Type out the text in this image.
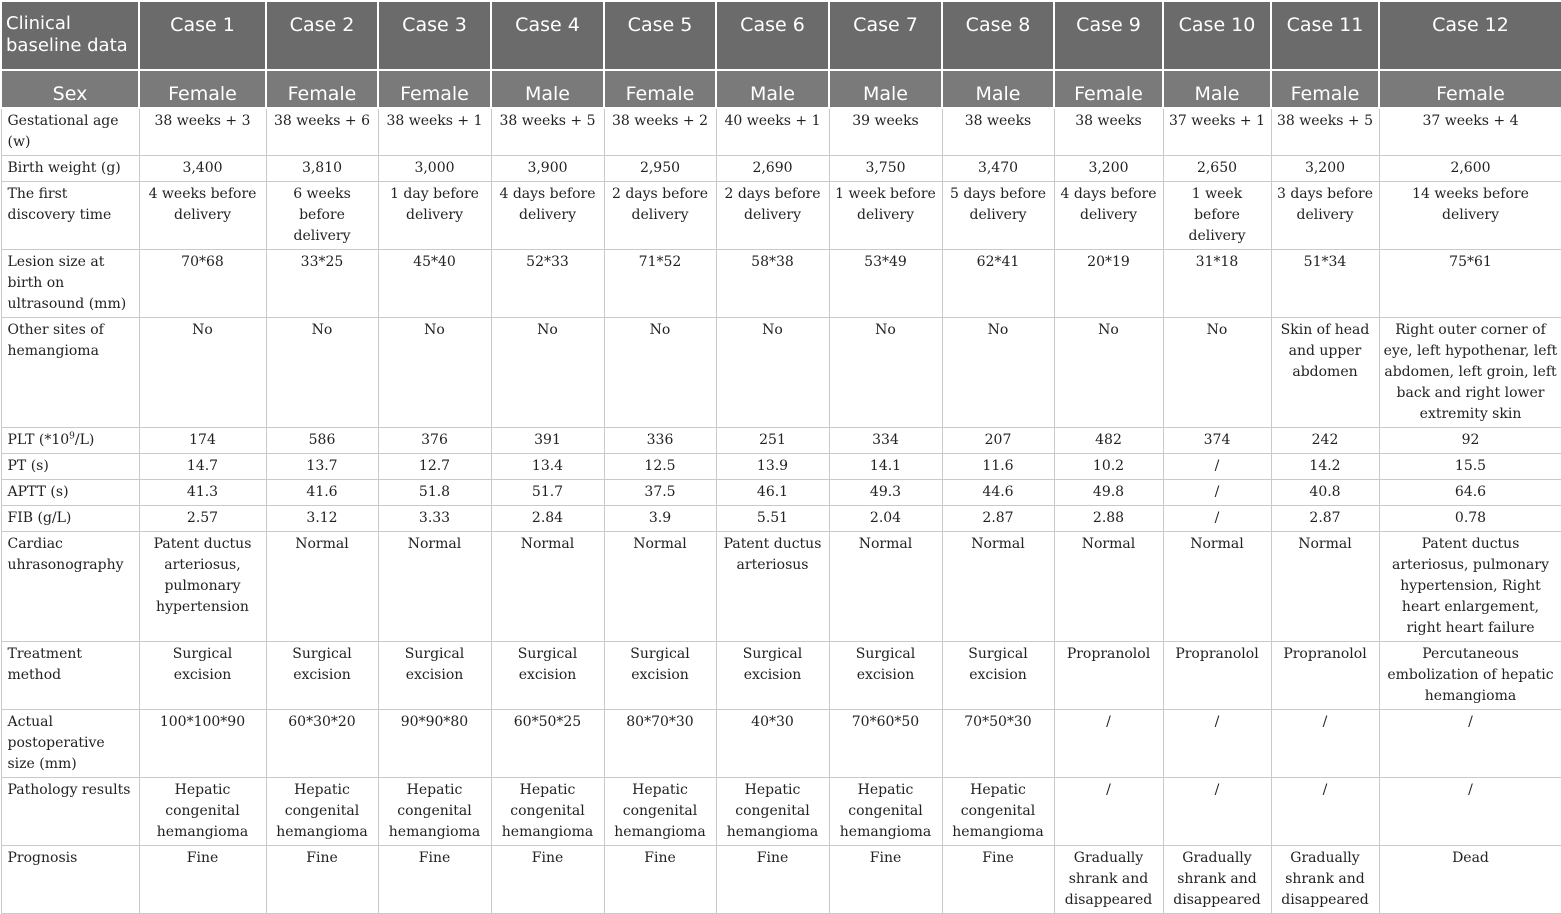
Clinical baseline data	Case 1	Case 2	Case 3	Case 4	Case 5	Case 6	Case 7	Case 8	Case 9	Case 10	Case 11	Case 12
Sex	Female	Female	Female	Male	Female	Male	Male	Male	Female	Male	Female	Female
Gestational age (w)	38 weeks + 3	38 weeks + 6	38 weeks + 1	38 weeks + 5	38 weeks + 2	40 weeks + 1	39 weeks	38 weeks	38 weeks	37 weeks + 1	38 weeks + 5	37 weeks + 4
Birth weight (g)	3,400	3,810	3,000	3,900	2,950	2,690	3,750	3,470	3,200	2,650	3,200	2,600
The first discovery time	4 weeks before delivery	6 weeks before delivery	1 day before delivery	4 days before delivery	2 days before delivery	2 days before delivery	1 week before delivery	5 days before delivery	4 days before delivery	1 week before delivery	3 days before delivery	14 weeks before delivery
Lesion size at birth on ultrasound (mm)	70*68	33*25	45*40	52*33	71*52	58*38	53*49	62*41	20*19	31*18	51*34	75*61
Other sites of hemangioma	No	No	No	No	No	No	No	No	No	No	Skin of head and upper abdomen	Right outer corner of eye, left hypothenar, left abdomen, left groin, left back and right lower extremity skin
PLT $(*10^9/L)$	174	586	376	391	336	251	334	207	482	374	242	92
PT (s)	14.7	13.7	12.7	13.4	12.5	13.9	14.1	11.6	10.2	/	14.2	15.5
APTT (s)	41.3	41.6	51.8	51.7	37.5	46.1	49.3	44.6	49.8	/	40.8	64.6
FIB (g/L)	2.57	3.12	3.33	2.84	3.9	5.51	2.04	2.87	2.88	/	2.87	0.78
Cardiac uhrasonography	Patent ductus arteriosus, pulmonary hypertension	Normal	Normal	Normal	Normal	Patent ductus arteriosus	Normal	Normal	Normal	Normal	Normal	Patent ductus arteriosus, pulmonary hypertension, Right heart enlargement, right heart failure
Treatment method	Surgical excision	Surgical excision	Surgical excision	Surgical excision	Surgical excision	Surgical excision	Surgical excision	Surgical excision	Propranolol	Propranolol	Propranolol	Percutaneous embolization of hepatic hemangioma
Actual postoperative size (mm)	100*100*90	60*30*20	90*90*80	60*50*25	80*70*30	40*30	70*60*50	70*50*30	/	/	/	/
Pathology results	Hepatic congenital hemangioma	Hepatic congenital hemangioma	Hepatic congenital hemangioma	Hepatic congenital hemangioma	Hepatic congenital hemangioma	Hepatic congenital hemangioma	Hepatic congenital hemangioma	Hepatic congenital hemangioma	/	/	/	/
Prognosis	Fine	Fine	Fine	Fine	Fine	Fine	Fine	Fine	Gradually shrank and disappeared	Gradually shrank and disappeared	Gradually shrank and disappeared	Dead
